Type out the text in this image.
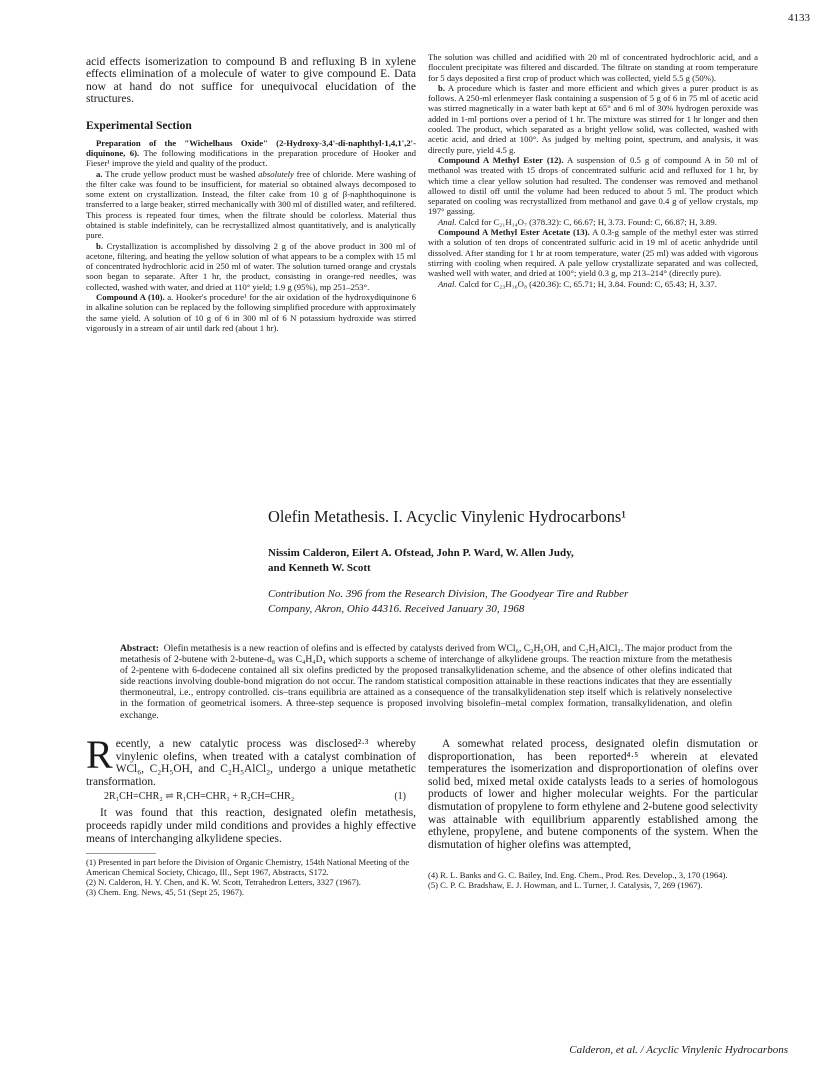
4133

acid effects isomerization to compound B and refluxing B in xylene effects elimination of a molecule of water to give compound E. Data now at hand do not suffice for unequivocal elucidation of the structures.

Experimental Section

Preparation of the "Wichelhaus Oxide" (2-Hydroxy-3,4'-di-naphthyl-1,4,1',2'-diquinone, 6). The following modifications in the preparation procedure of Hooker and Fieser¹ improve the yield and quality of the product.

a. The crude yellow product must be washed absolutely free of chloride. Mere washing of the filter cake was found to be insufficient, for material so obtained always decomposed to some extent on crystallization. Instead, the filter cake from 10 g of β-naphthoquinone is transferred to a large beaker, stirred mechanically with 300 ml of distilled water, and refiltered. This process is repeated four times, when the filtrate should be colorless. Material thus obtained is stable indefinitely, can be recrystallized almost quantitatively, and is analytically pure.

b. Crystallization is accomplished by dissolving 2 g of the above product in 300 ml of acetone, filtering, and heating the yellow solution of what appears to be a complex with 15 ml of concentrated hydrochloric acid in 250 ml of water. The solution turned orange and crystals soon began to separate. After 1 hr, the product, consisting in orange-red needles, was collected, washed with water, and dried at 110° yield; 1.9 g (95%), mp 251–253°.

Compound A (10). a. Hooker's procedure¹ for the air oxidation of the hydroxydiquinone 6 in alkaline solution can be replaced by the following simplified procedure with approximately the same yield. A solution of 10 g of 6 in 300 ml of 6 N potassium hydroxide was stirred vigorously in a stream of air until dark red (about 1 hr).

The solution was chilled and acidified with 20 ml of concentrated hydrochloric acid, and a flocculent precipitate was filtered and discarded. The filtrate on standing at room temperature for 5 days deposited a first crop of product which was collected, yield 5.5 g (50%).

b. A procedure which is faster and more efficient and which gives a purer product is as follows. A 250-ml erlenmeyer flask containing a suspension of 5 g of 6 in 75 ml of acetic acid was stirred magnetically in a water bath kept at 65° and 6 ml of 30% hydrogen peroxide was added in 1-ml portions over a period of 1 hr. The mixture was stirred for 1 hr longer and then cooled. The product, which separated as a bright yellow solid, was collected, washed with acetic acid, and dried at 100°. As judged by melting point, spectrum, and analysis, it was directly pure, yield 4.5 g.

Compound A Methyl Ester (12). A suspension of 0.5 g of compound A in 50 ml of methanol was treated with 15 drops of concentrated sulfuric acid and refluxed for 1 hr, by which time a clear yellow solution had resulted. The condenser was removed and methanol allowed to distil off until the volume had been reduced to about 5 ml. The product which separated on cooling was recrystallized from methanol and gave 0.4 g of yellow crystals, mp 197° gassing.

Anal. Calcd for C₂₁H₁₄O₇ (378.32): C, 66.67; H, 3.73. Found: C, 66.87; H, 3.89.

Compound A Methyl Ester Acetate (13). A 0.3-g sample of the methyl ester was stirred with a solution of ten drops of concentrated sulfuric acid in 19 ml of acetic anhydride until dissolved. After standing for 1 hr at room temperature, water (25 ml) was added with vigorous stirring with cooling when required. A pale yellow crystallizate separated and was collected, washed well with water, and dried at 100°; yield 0.3 g, mp 213–214° (directly pure).

Anal. Calcd for C₂₃H₁₆O₈ (420.36): C, 65.71; H, 3.84. Found: C, 65.43; H, 3.37.

Olefin Metathesis. I. Acyclic Vinylenic Hydrocarbons¹
Nissim Calderon, Eilert A. Ofstead, John P. Ward, W. Allen Judy,
and Kenneth W. Scott
Contribution No. 396 from the Research Division, The Goodyear Tire and Rubber
Company, Akron, Ohio 44316. Received January 30, 1968
Abstract: Olefin metathesis is a new reaction of olefins and is effected by catalysts derived from WCl₆, C₂H₅OH, and C₂H₅AlCl₂. The major product from the metathesis of 2-butene with 2-butene-d₈ was C₄H₄D₄ which supports a scheme of interchange of alkylidene groups. The reaction mixture from the metathesis of 2-pentene with 6-dodecene contained all six olefins predicted by the proposed transalkylidenation scheme, and the absence of other olefins indicated that side reactions involving double-bond migration do not occur. The random statistical composition attainable in these reactions indicates that they are essentially thermoneutral, i.e., entropy controlled. cis–trans equilibria are attained as a consequence of the transalkylidenation step itself which is relatively nonselective in the formation of geometrical isomers. A three-step sequence is proposed involving bisolefin–metal complex formation, transalkylidenation, and olefin exchange.

Recently, a new catalytic process was disclosed²·³ whereby vinylenic olefins, when treated with a catalyst combination of WCl₆, C₂H₅OH, and C₂H₅AlCl₂, undergo a unique metathetic transformation.

2R₁CH=CHR₂ ⇌ R₁CH=CHR₁ + R₂CH=CHR₂	(1)

It was found that this reaction, designated olefin metathesis, proceeds rapidly under mild conditions and provides a highly effective means of interchanging alkylidene species.

(1) Presented in part before the Division of Organic Chemistry, 154th National Meeting of the American Chemical Society, Chicago, Ill., Sept 1967, Abstracts, S172.

(2) N. Calderon, H. Y. Chen, and K. W. Scott, Tetrahedron Letters, 3327 (1967).

(3) Chem. Eng. News, 45, 51 (Sept 25, 1967).

A somewhat related process, designated olefin dismutation or disproportionation, has been reported⁴·⁵ wherein at elevated temperatures the isomerization and disproportionation of olefins over solid bed, mixed metal oxide catalysts leads to a series of homologous products of lower and higher molecular weights. For the particular dismutation of propylene to form ethylene and 2-butene good selectivity was attainable with equilibrium apparently established among the ethylene, propylene, and butene components of the system. When the dismutation of higher olefins was attempted,

(4) R. L. Banks and G. C. Bailey, Ind. Eng. Chem., Prod. Res. Develop., 3, 170 (1964).

(5) C. P. C. Bradshaw, E. J. Howman, and L. Turner, J. Catalysis, 7, 269 (1967).

Calderon, et al. / Acyclic Vinylenic Hydrocarbons
